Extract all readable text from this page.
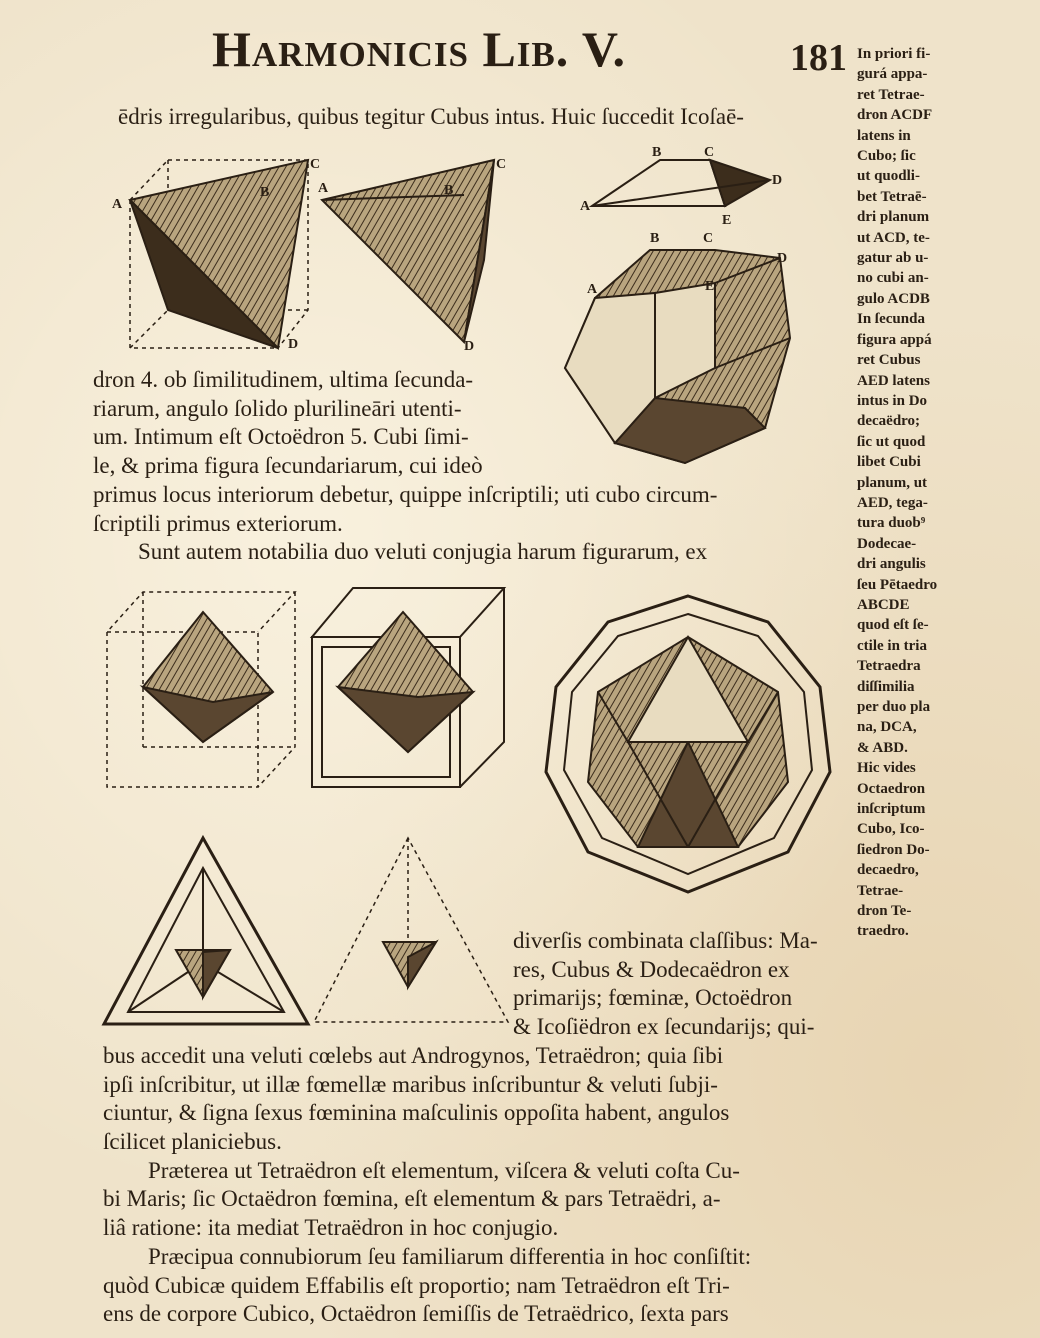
Harmonicis Lib. V.	181
ēdris irregularibus, quibus tegitur Cubus intus. Huic ſuccedit Icoſaē-
dron 4. ob ſimilitudinem, ultima ſecunda-
riarum, angulo ſolido plurilineāri utenti-
um. Intimum eſt Octoëdron 5. Cubi ſimi-
le, & prima figura ſecundariarum, cui ideò
primus locus interiorum debetur, quippe inſcriptili; uti cubo circum-
ſcriptili primus exteriorum.
Sunt autem notabilia duo veluti conjugia harum figurarum, ex
diverſis combinata claſſibus: Ma-
res, Cubus & Dodecaëdron ex
primarijs; fœminæ, Octoëdron
& Icoſiëdron ex ſecundarijs; qui-
bus accedit una veluti cœlebs aut Androgynos, Tetraëdron; quia ſibi
ipſi inſcribitur, ut illæ fœmellæ maribus inſcribuntur & veluti ſubji-
ciuntur, & ſigna ſexus fœminina maſculinis oppoſita habent, angulos
ſcilicet planiciebus.
Præterea ut Tetraëdron eſt elementum, viſcera & veluti coſta Cu-
bi Maris; ſic Octaëdron fœmina, eſt elementum & pars Tetraëdri, a-
liâ ratione: ita mediat Tetraëdron in hoc conjugio.
Præcipua connubiorum ſeu familiarum differentia in hoc conſiſtit:
quòd Cubicæ quidem Effabilis eſt proportio; nam Tetraëdron eſt Tri-
ens de corpore Cubico, Octaëdron ſemiſſis de Tetraëdrico, ſexta pars
In priori fi-
gurá appa-
ret Tetrae-
dron ACDF
latens in
Cubo; ſic
ut quodli-
bet Tetraē-
dri planum
ut ACD, te-
gatur ab u-
no cubi an-
gulo ACDB
In ſecunda
figura appá
ret Cubus
AED latens
intus in Do
decaëdro;
ſic ut quod
libet Cubi
planum, ut
AED, tega-
tura duob⁹
Dodecae-
dri angulis
ſeu Pētaedro
ABCDE
quod eſt ſe-
ctile in tria
Tetraedra
diſſimilia
per duo pla
na, DCA,
& ABD.
Hic vides
Octaedron
inſcriptum
Cubo, Ico-
ſiedron Do-
decaedro,
Tetrae-
dron Te-
traedro.
A
B
C
D
A	B
C
D
A
B	C
D
E
A
B	C
D
E
